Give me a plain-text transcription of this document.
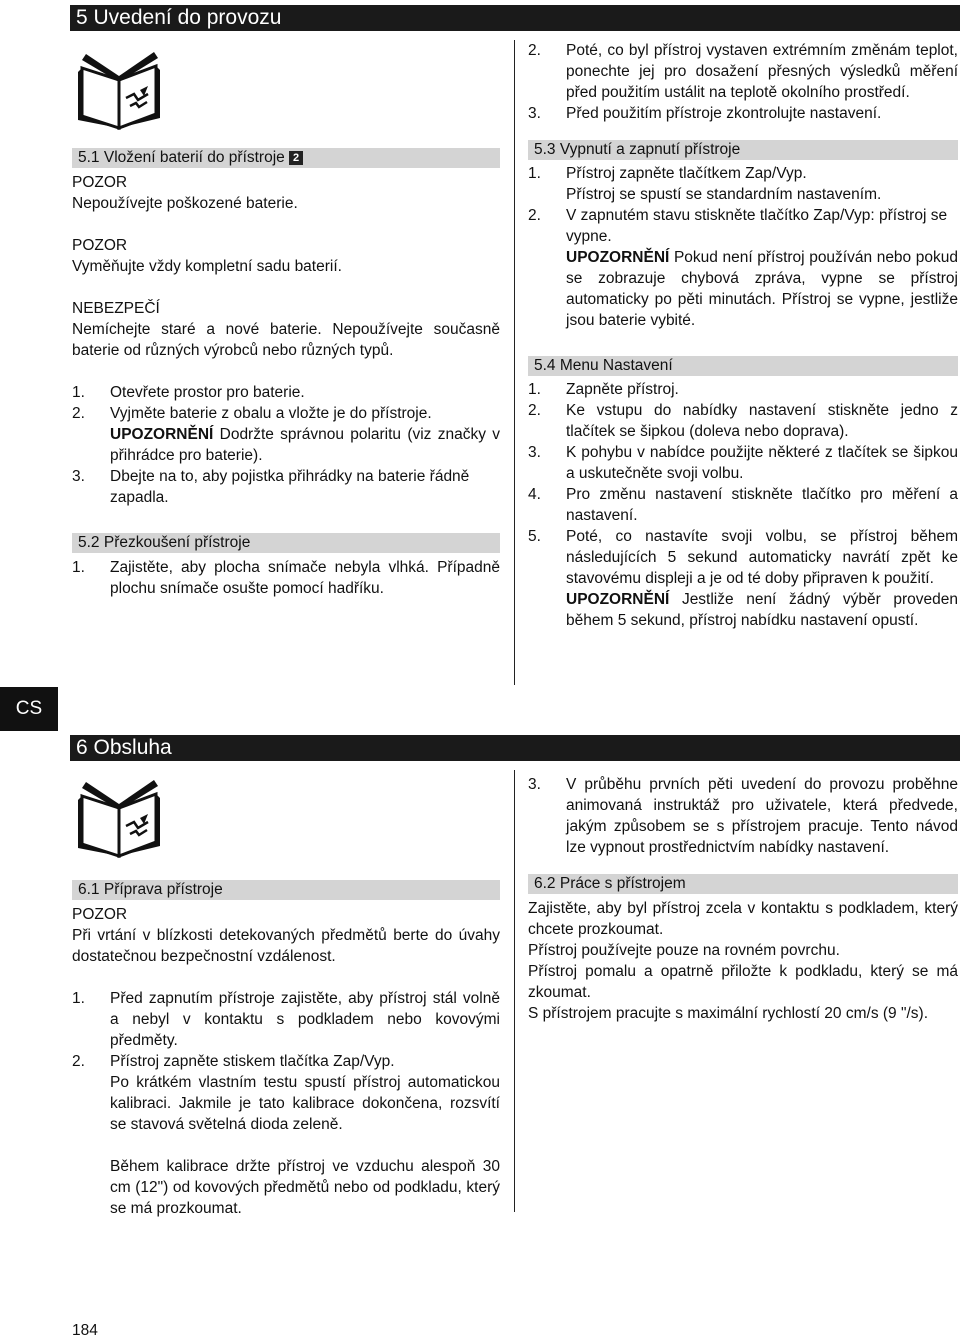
5 Uvedení do provozu
5.1 Vložení baterií do přístroje 2

POZOR

Nepoužívejte poškozené baterie.

POZOR

Vyměňujte vždy kompletní sadu baterií.

NEBEZPEČÍ

Nemíchejte staré a nové baterie. Nepoužívejte současně baterie od různých výrobců nebo různých typů.

1.	Otevřete prostor pro baterie.
2.	Vyjměte baterie z obalu a vložte je do přístroje.
UPOZORNĚNÍ Dodržte správnou polaritu (viz značky v přihrádce pro baterie).
3.	Dbejte na to, aby pojistka přihrádky na baterie řádně zapadla.
5.2 Přezkoušení přístroje
1.	Zajistěte, aby plocha snímače nebyla vlhká. Případně plochu snímače osušte pomocí hadříku.
2.	Poté, co byl přístroj vystaven extrémním změnám teplot, ponechte jej pro dosažení přesných výsledků měření před použitím ustálit na teplotě okolního prostředí.
3.	Před použitím přístroje zkontrolujte nastavení.
5.3 Vypnutí a zapnutí přístroje
1.	Přístroj zapněte tlačítkem Zap/Vyp.
Přístroj se spustí se standardním nastavením.
2.	V zapnutém stavu stiskněte tlačítko Zap/Vyp: přístroj se vypne.
UPOZORNĚNÍ Pokud není přístroj používán nebo pokud se zobrazuje chybová zpráva, vypne se přístroj automaticky po pěti minutách. Přístroj se vypne, jestliže jsou baterie vybité.
5.4 Menu Nastavení
1.	Zapněte přístroj.
2.	Ke vstupu do nabídky nastavení stiskněte jedno z tlačítek se šipkou (doleva nebo doprava).
3.	K pohybu v nabídce použijte některé z tlačítek se šipkou a uskutečněte svoji volbu.
4.	Pro změnu nastavení stiskněte tlačítko pro měření a nastavení.
5.	Poté, co nastavíte svoji volbu, se přístroj během následujících 5 sekund automaticky navrátí zpět ke stavovému displeji a je od té doby připraven k použití.
UPOZORNĚNÍ Jestliže není žádný výběr proveden během 5 sekund, přístroj nabídku nastavení opustí.
CS
6 Obsluha
6.1 Příprava přístroje

POZOR

Při vrtání v blízkosti detekovaných předmětů berte do úvahy dostatečnou bezpečnostní vzdálenost.

1.	Před zapnutím přístroje zajistěte, aby přístroj stál volně a nebyl v kontaktu s podkladem nebo kovovými předměty.
2.	Přístroj zapněte stiskem tlačítka Zap/Vyp.
Po krátkém vlastním testu spustí přístroj automatickou kalibraci. Jakmile je tato kalibrace dokončena, rozsvítí se stavová světelná dioda zeleně.
Během kalibrace držte přístroj ve vzduchu alespoň 30 cm (12") od kovových předmětů nebo od podkladu, který se má prozkoumat.
3.	V průběhu prvních pěti uvedení do provozu proběhne animovaná instruktáž pro uživatele, která předvede, jakým způsobem se s přístrojem pracuje. Tento návod lze vypnout prostřednictvím nabídky nastavení.
6.2 Práce s přístrojem

Zajistěte, aby byl přístroj zcela v kontaktu s podkladem, který chcete prozkoumat.

Přístroj používejte pouze na rovném povrchu.

Přístroj pomalu a opatrně přiložte k podkladu, který se má zkoumat.

S přístrojem pracujte s maximální rychlostí 20 cm/s (9 "/s).

184
